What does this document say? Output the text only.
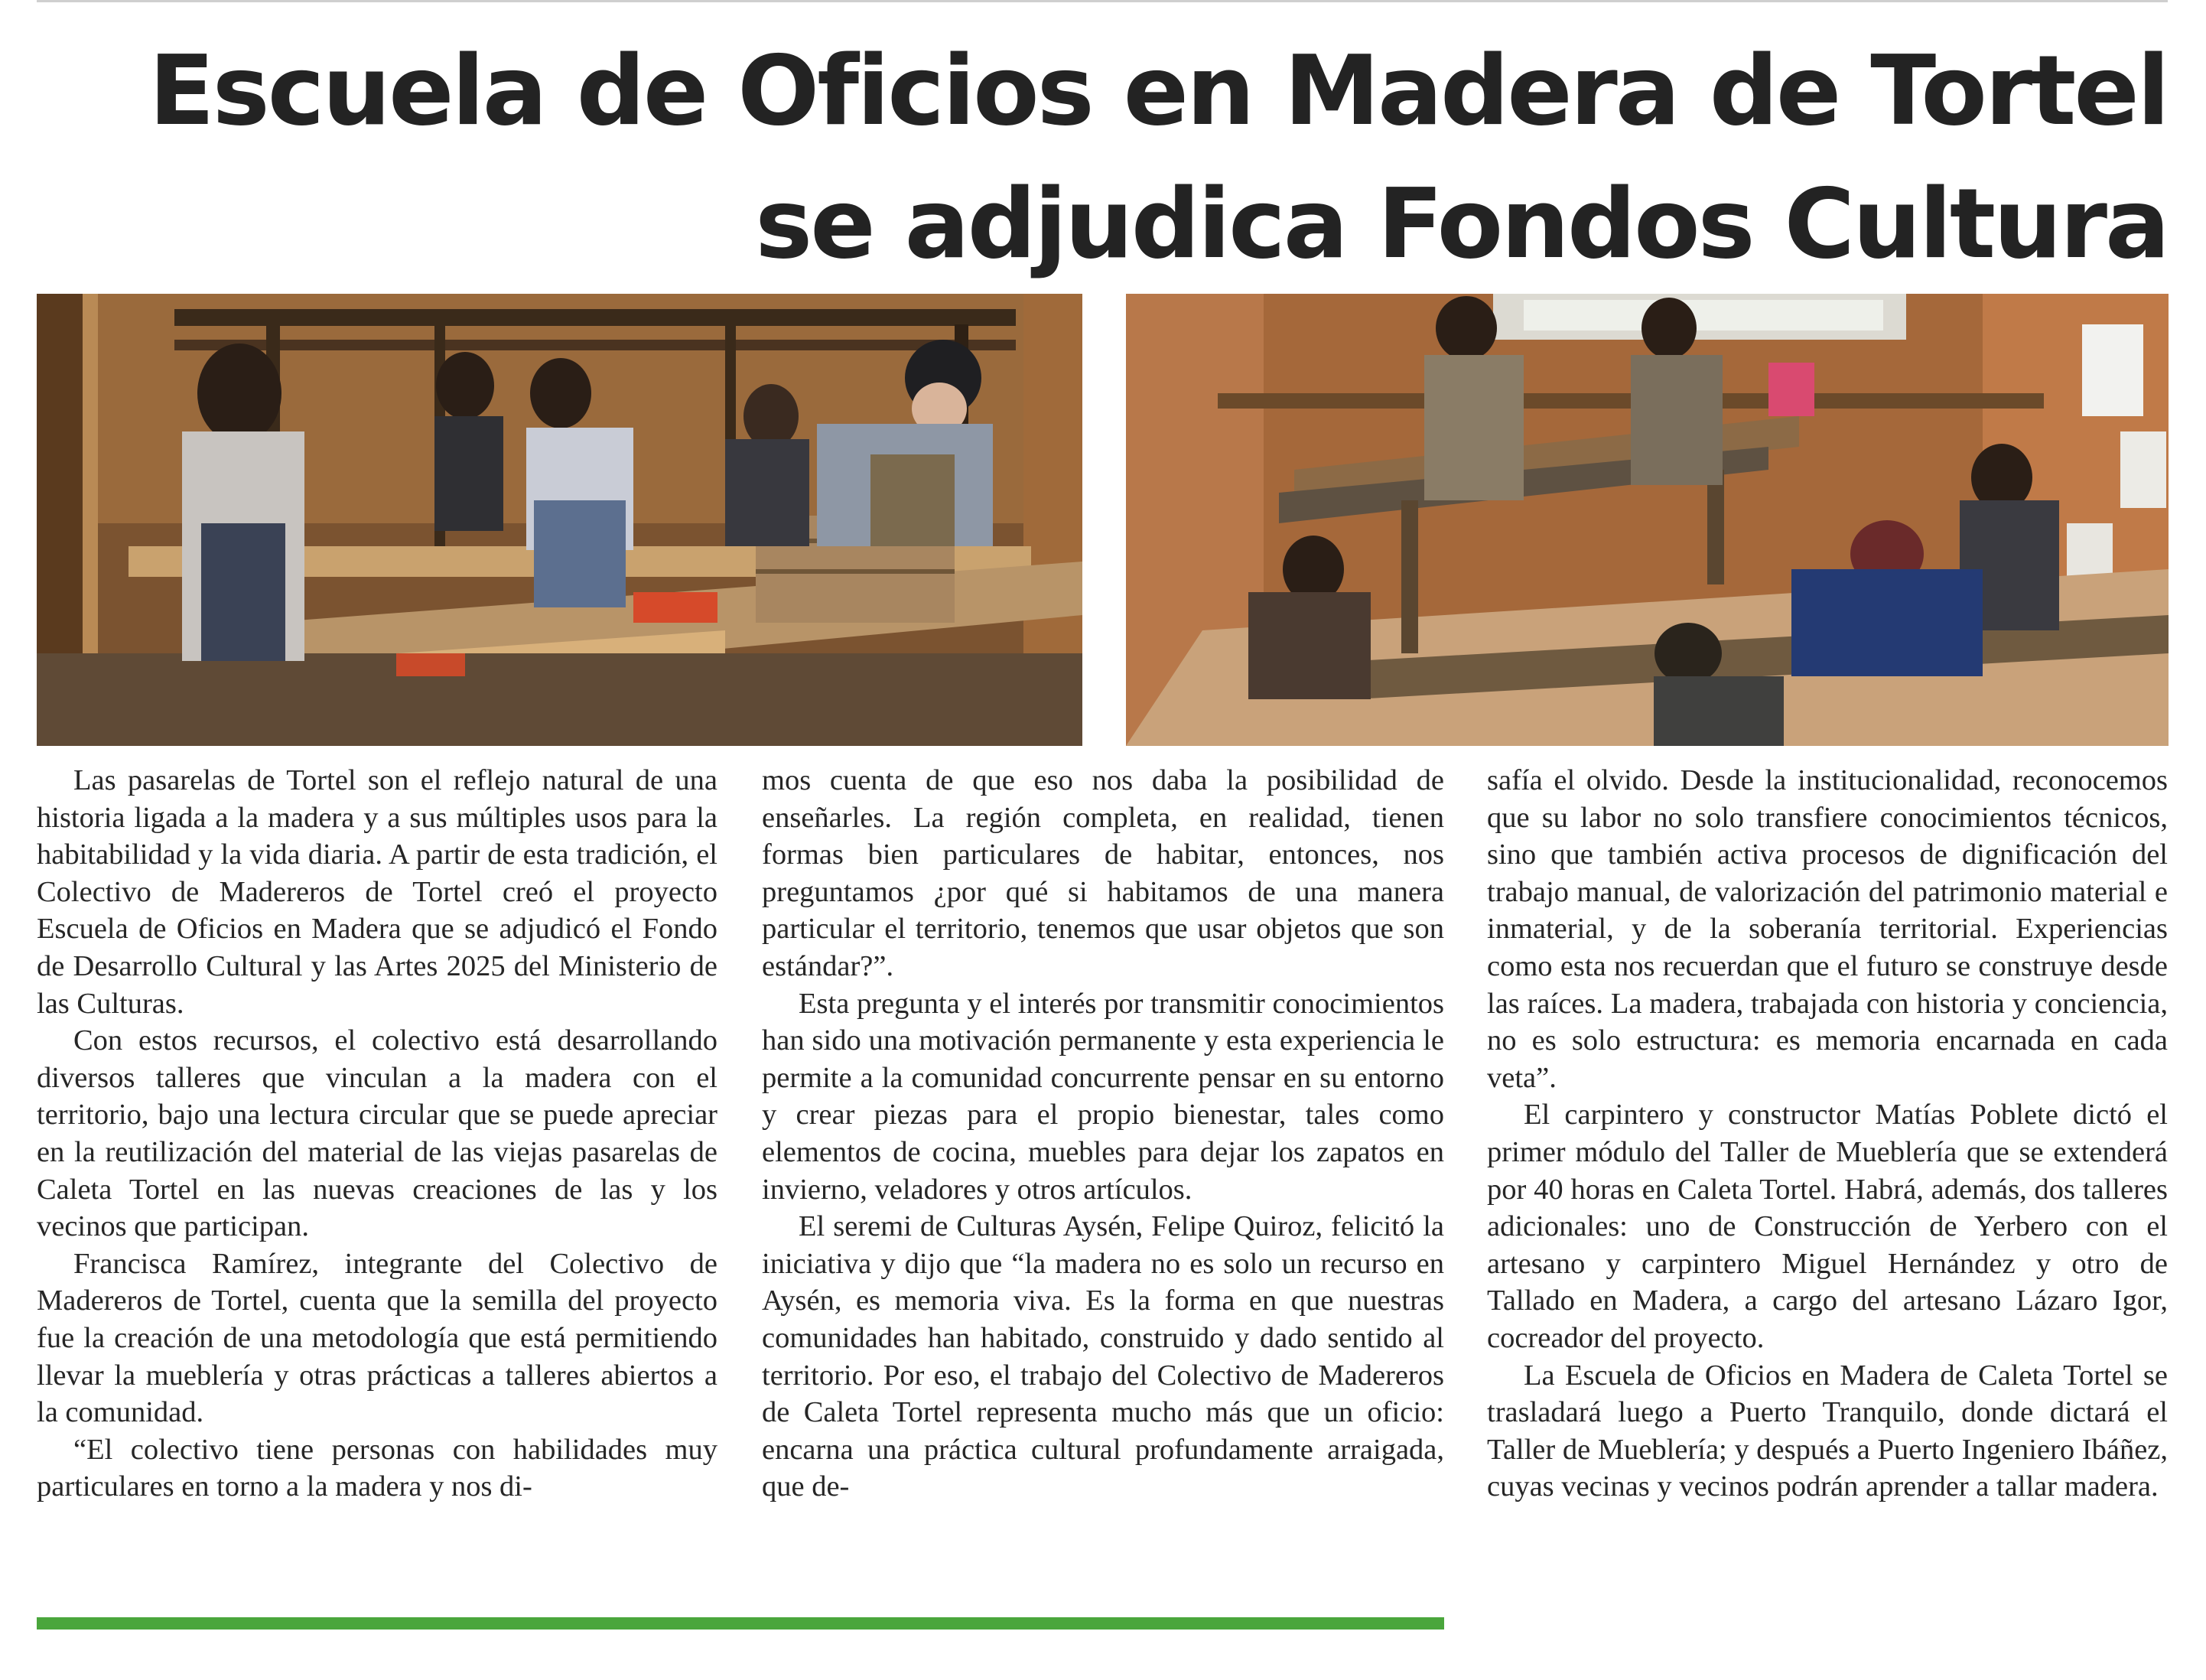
Escuela de Oficios en Madera de Tortel se adjudica Fondos Cultura

Las pasarelas de Tortel son el reflejo natural de una historia ligada a la madera y a sus múltiples usos para la habitabilidad y la vida diaria. A partir de esta tradición, el Colectivo de Madereros de Tortel creó el proyecto Escuela de Oficios en Madera que se adjudicó el Fondo de Desarrollo Cultural y las Artes 2025 del Ministerio de las Culturas.

Con estos recursos, el colectivo está desarrollando diversos talleres que vinculan a la madera con el territorio, bajo una lectura circular que se puede apreciar en la reutilización del material de las viejas pasarelas de Caleta Tortel en las nuevas creaciones de las y los vecinos que participan.

Francisca Ramírez, integrante del Colectivo de Madereros de Tortel, cuenta que la semilla del proyecto fue la creación de una metodología que está permitiendo llevar la mueblería y otras prácticas a talleres abiertos a la comunidad.

“El colectivo tiene personas con habilidades muy particulares en torno a la madera y nos di-

mos cuenta de que eso nos daba la posibilidad de enseñarles. La región completa, en realidad, tienen formas bien particulares de habitar, entonces, nos preguntamos ¿por qué si habitamos de una manera particular el territorio, tenemos que usar objetos que son estándar?”.

Esta pregunta y el interés por transmitir conocimientos han sido una motivación permanente y esta experiencia le permite a la comunidad concurrente pensar en su entorno y crear piezas para el propio bienestar, tales como elementos de cocina, muebles para dejar los zapatos en invierno, veladores y otros artículos.

El seremi de Culturas Aysén, Felipe Quiroz, felicitó la iniciativa y dijo que “la madera no es solo un recurso en Aysén, es memoria viva. Es la forma en que nuestras comunidades han habitado, construido y dado sentido al territorio. Por eso, el trabajo del Colectivo de Madereros de Caleta Tortel representa mucho más que un oficio: encarna una práctica cultural profundamente arraigada, que de-

safía el olvido. Desde la institucionalidad, reconocemos que su labor no solo transfiere conocimientos técnicos, sino que también activa procesos de dignificación del trabajo manual, de valorización del patrimonio material e inmaterial, y de la soberanía territorial. Experiencias como esta nos recuerdan que el futuro se construye desde las raíces. La madera, trabajada con historia y conciencia, no es solo estructura: es memoria encarnada en cada veta”.

El carpintero y constructor Matías Poblete dictó el primer módulo del Taller de Mueblería que se extenderá por 40 horas en Caleta Tortel. Habrá, además, dos talleres adicionales: uno de Construcción de Yerbero con el artesano y carpintero Miguel Hernández y otro de Tallado en Madera, a cargo del artesano Lázaro Igor, cocreador del proyecto.

La Escuela de Oficios en Madera de Caleta Tortel se trasladará luego a Puerto Tranquilo, donde dictará el Taller de Mueblería; y después a Puerto Ingeniero Ibáñez, cuyas vecinas y vecinos podrán aprender a tallar madera.
